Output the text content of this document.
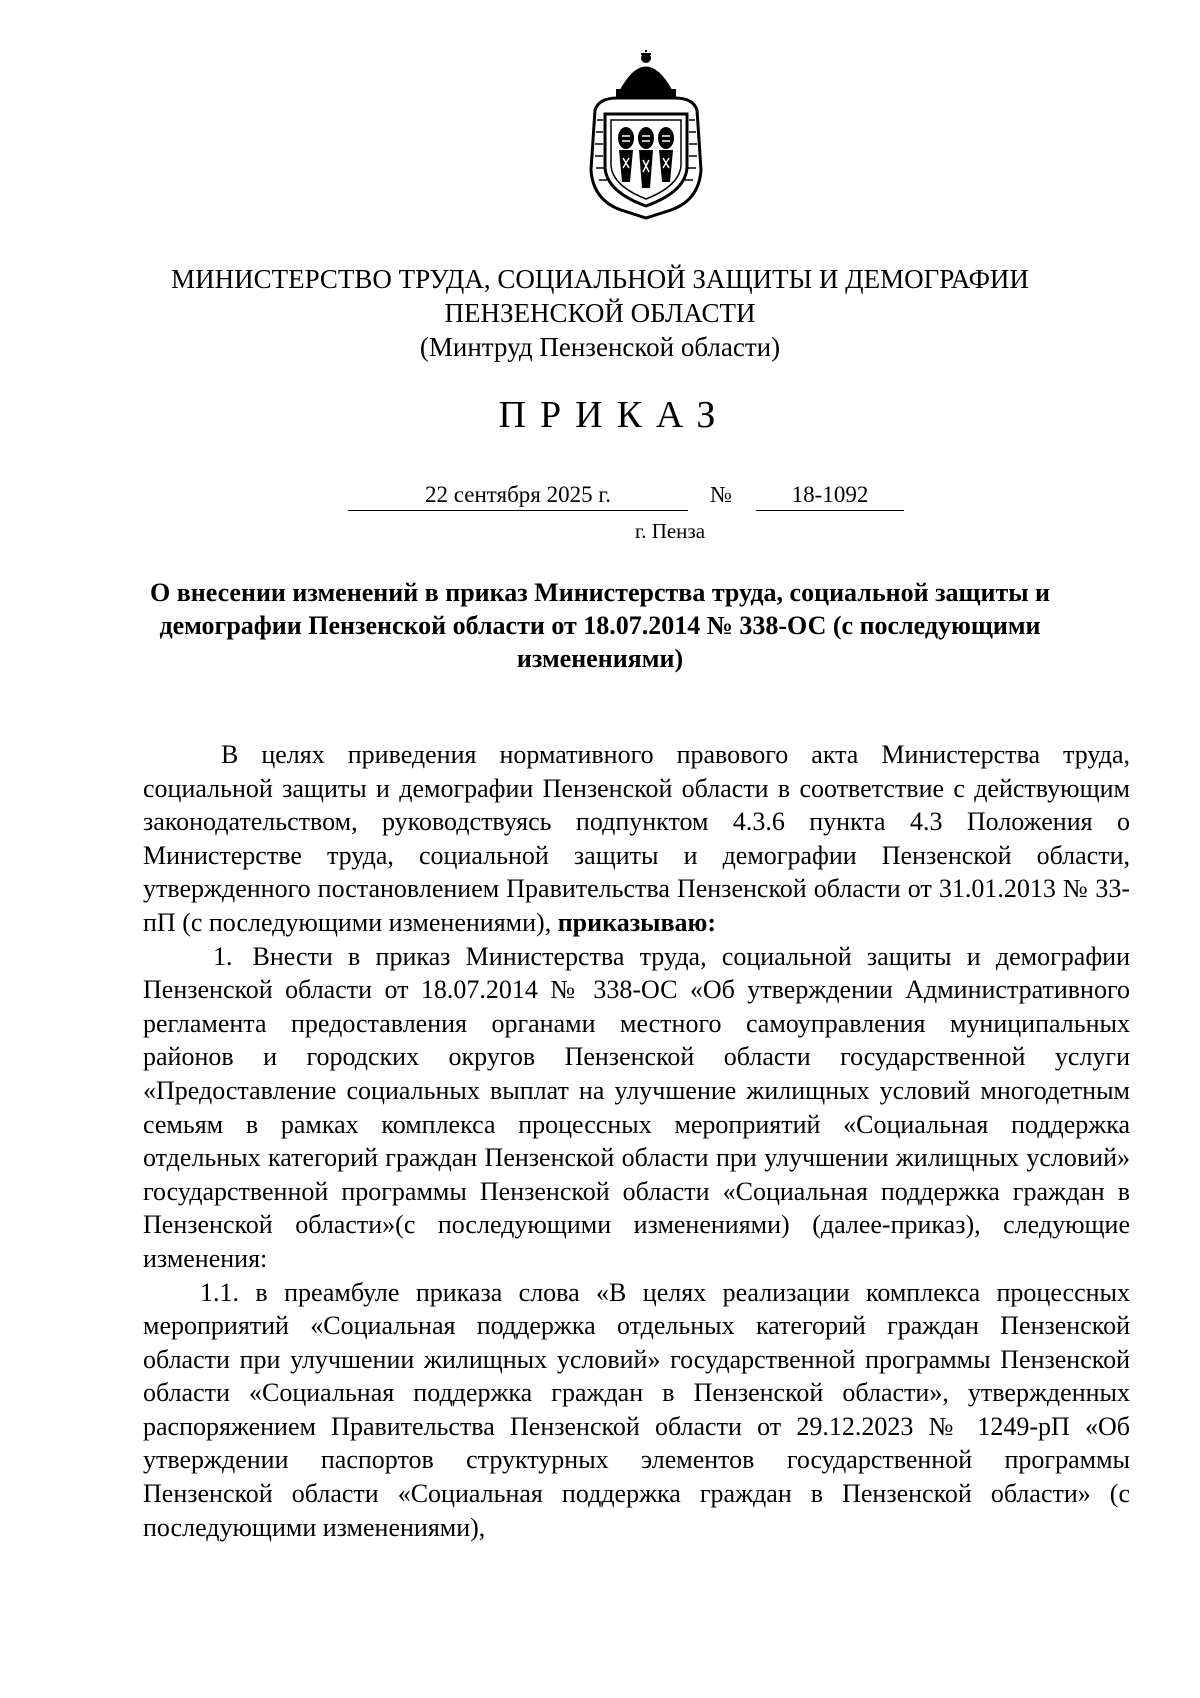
МИНИСТЕРСТВО ТРУДА, СОЦИАЛЬНОЙ ЗАЩИТЫ И ДЕМОГРАФИИ
ПЕНЗЕНСКОЙ ОБЛАСТИ
(Минтруд Пензенской области)
ПРИКАЗ
22 сентября 2025 г.	№	18-1092
г. Пенза
О внесении изменений в приказ Министерства труда, социальной защиты и демографии Пензенской области от 18.07.2014 № 338-ОС (с последующими изменениями)

В целях приведения нормативного правового акта Министерства труда, социальной защиты и демографии Пензенской области в соответствие с действующим законодательством, руководствуясь подпунктом 4.3.6 пункта 4.3 Положения о Министерстве труда, социальной защиты и демографии Пензенской области, утвержденного постановлением Правительства Пензенской области от 31.01.2013 № 33-пП (с последующими изменениями), приказываю:

1. Внести в приказ Министерства труда, социальной защиты и демографии Пензенской области от 18.07.2014 № 338-ОС «Об утверждении Административного регламента предоставления органами местного самоуправления муниципальных районов и городских округов Пензенской области государственной услуги «Предоставление социальных выплат на улучшение жилищных условий многодетным семьям в рамках комплекса процессных мероприятий «Социальная поддержка отдельных категорий граждан Пензенской области при улучшении жилищных условий» государственной программы Пензенской области «Социальная поддержка граждан в Пензенской области»(с последующими изменениями) (далее-приказ), следующие изменения:

1.1. в преамбуле приказа слова «В целях реализации комплекса процессных мероприятий «Социальная поддержка отдельных категорий граждан Пензенской области при улучшении жилищных условий» государственной программы Пензенской области «Социальная поддержка граждан в Пензенской области», утвержденных распоряжением Правительства Пензенской области от 29.12.2023 № 1249-рП «Об утверждении паспортов структурных элементов государственной программы Пензенской области «Социальная поддержка граждан в Пензенской области» (с последующими изменениями),
